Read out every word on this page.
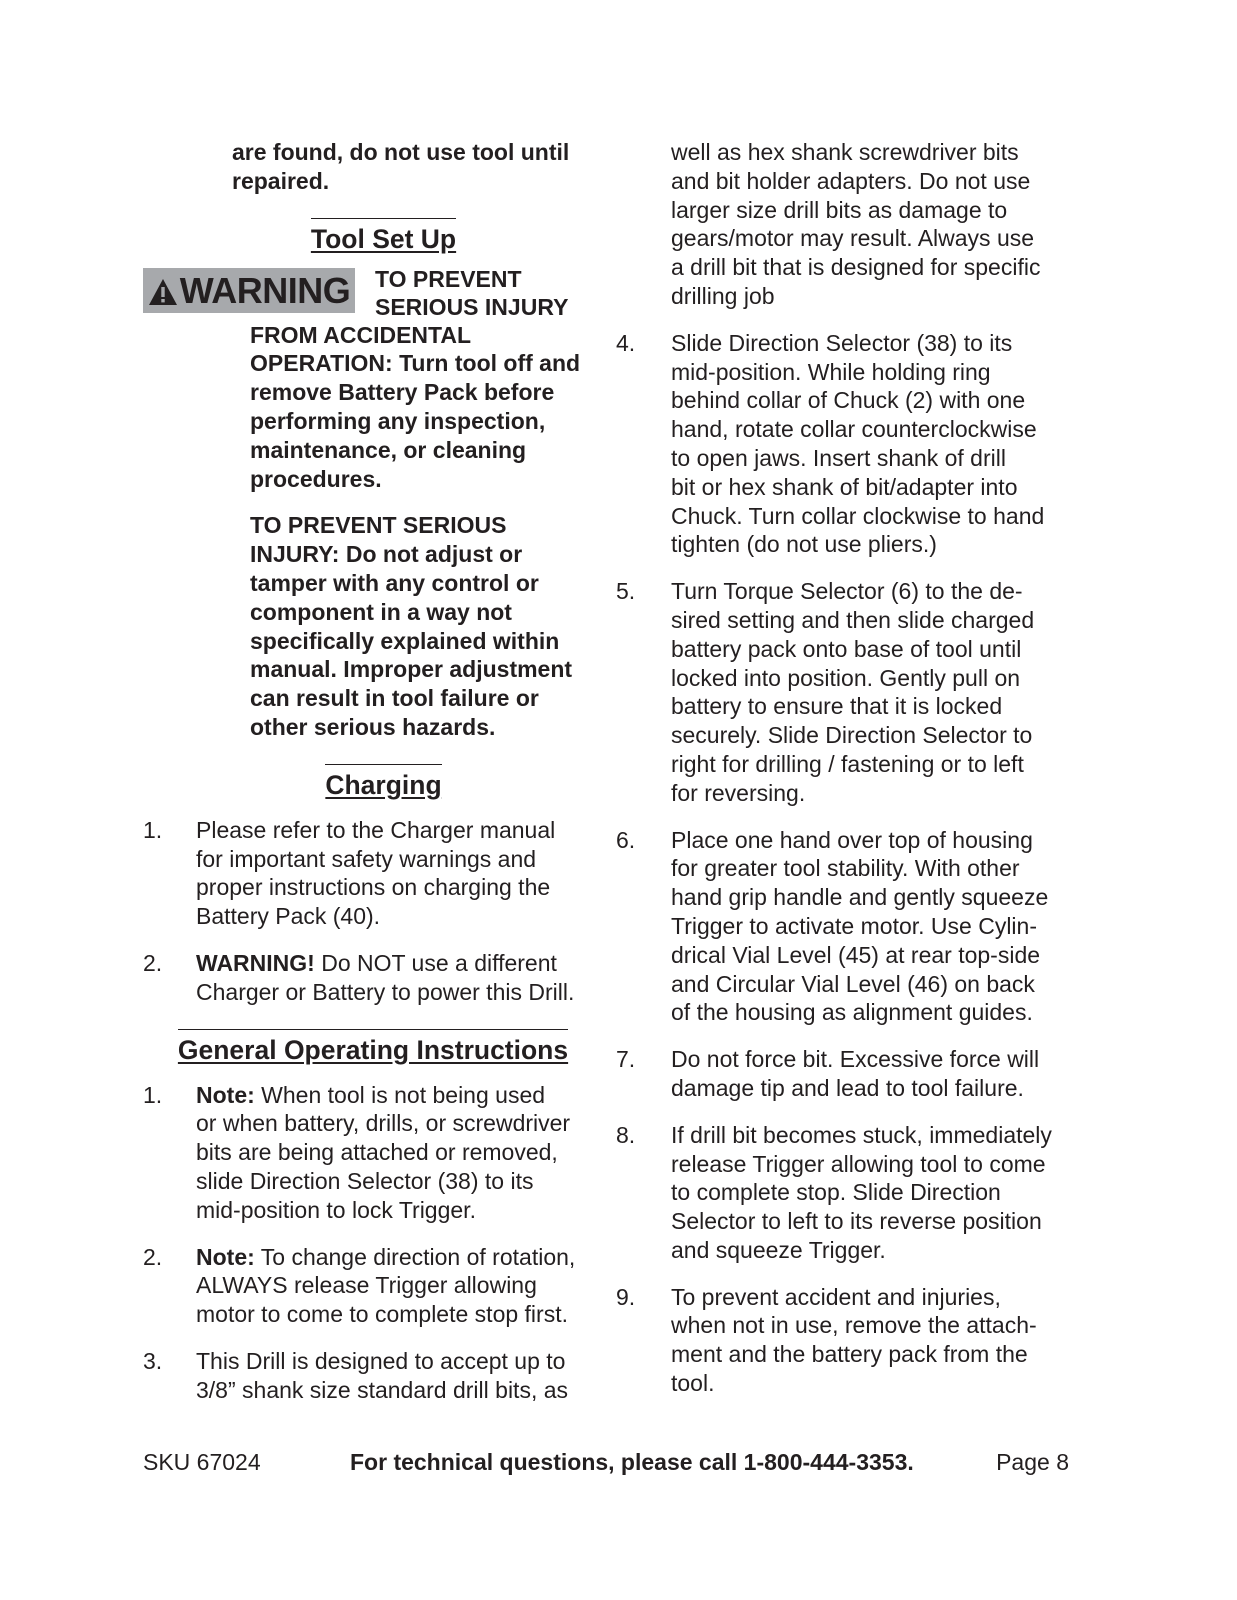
are found, do not use tool until
repaired.

Tool Set Up
WARNING TO PREVENT
SERIOUS INJURY

FROM ACCIDENTAL
OPERATION: Turn tool off and
remove Battery Pack before
performing any inspection,
maintenance, or cleaning
procedures.

TO PREVENT SERIOUS
INJURY: Do not adjust or
tamper with any control or
component in a way not
specifically explained within
manual. Improper adjustment
can result in tool failure or
other serious hazards.

Charging
1. Please refer to the Charger manual
for important safety warnings and
proper instructions on charging the
Battery Pack (40).

2. WARNING! Do NOT use a different
Charger or Battery to power this Drill.

General Operating Instructions
1. Note: When tool is not being used
or when battery, drills, or screwdriver
bits are being attached or removed,
slide Direction Selector (38) to its
mid-position to lock Trigger.

2. Note: To change direction of rotation,
ALWAYS release Trigger allowing
motor to come to complete stop first.

3. This Drill is designed to accept up to
3/8” shank size standard drill bits, as

well as hex shank screwdriver bits
and bit holder adapters. Do not use
larger size drill bits as damage to
gears/motor may result. Always use
a drill bit that is designed for specific
drilling job

4. Slide Direction Selector (38) to its
mid-position. While holding ring
behind collar of Chuck (2) with one
hand, rotate collar counterclockwise
to open jaws. Insert shank of drill
bit or hex shank of bit/adapter into
Chuck. Turn collar clockwise to hand
tighten (do not use pliers.)

5. Turn Torque Selector (6) to the de-
sired setting and then slide charged
battery pack onto base of tool until
locked into position. Gently pull on
battery to ensure that it is locked
securely. Slide Direction Selector to
right for drilling / fastening or to left
for reversing.

6. Place one hand over top of housing
for greater tool stability. With other
hand grip handle and gently squeeze
Trigger to activate motor. Use Cylin-
drical Vial Level (45) at rear top-side
and Circular Vial Level (46) on back
of the housing as alignment guides.

7. Do not force bit. Excessive force will
damage tip and lead to tool failure.

8. If drill bit becomes stuck, immediately
release Trigger allowing tool to come
to complete stop. Slide Direction
Selector to left to its reverse position
and squeeze Trigger.

9. To prevent accident and injuries,
when not in use, remove the attach-
ment and the battery pack from the
tool.

SKU 67024	For technical questions, please call 1-800-444-3353.	Page 8
